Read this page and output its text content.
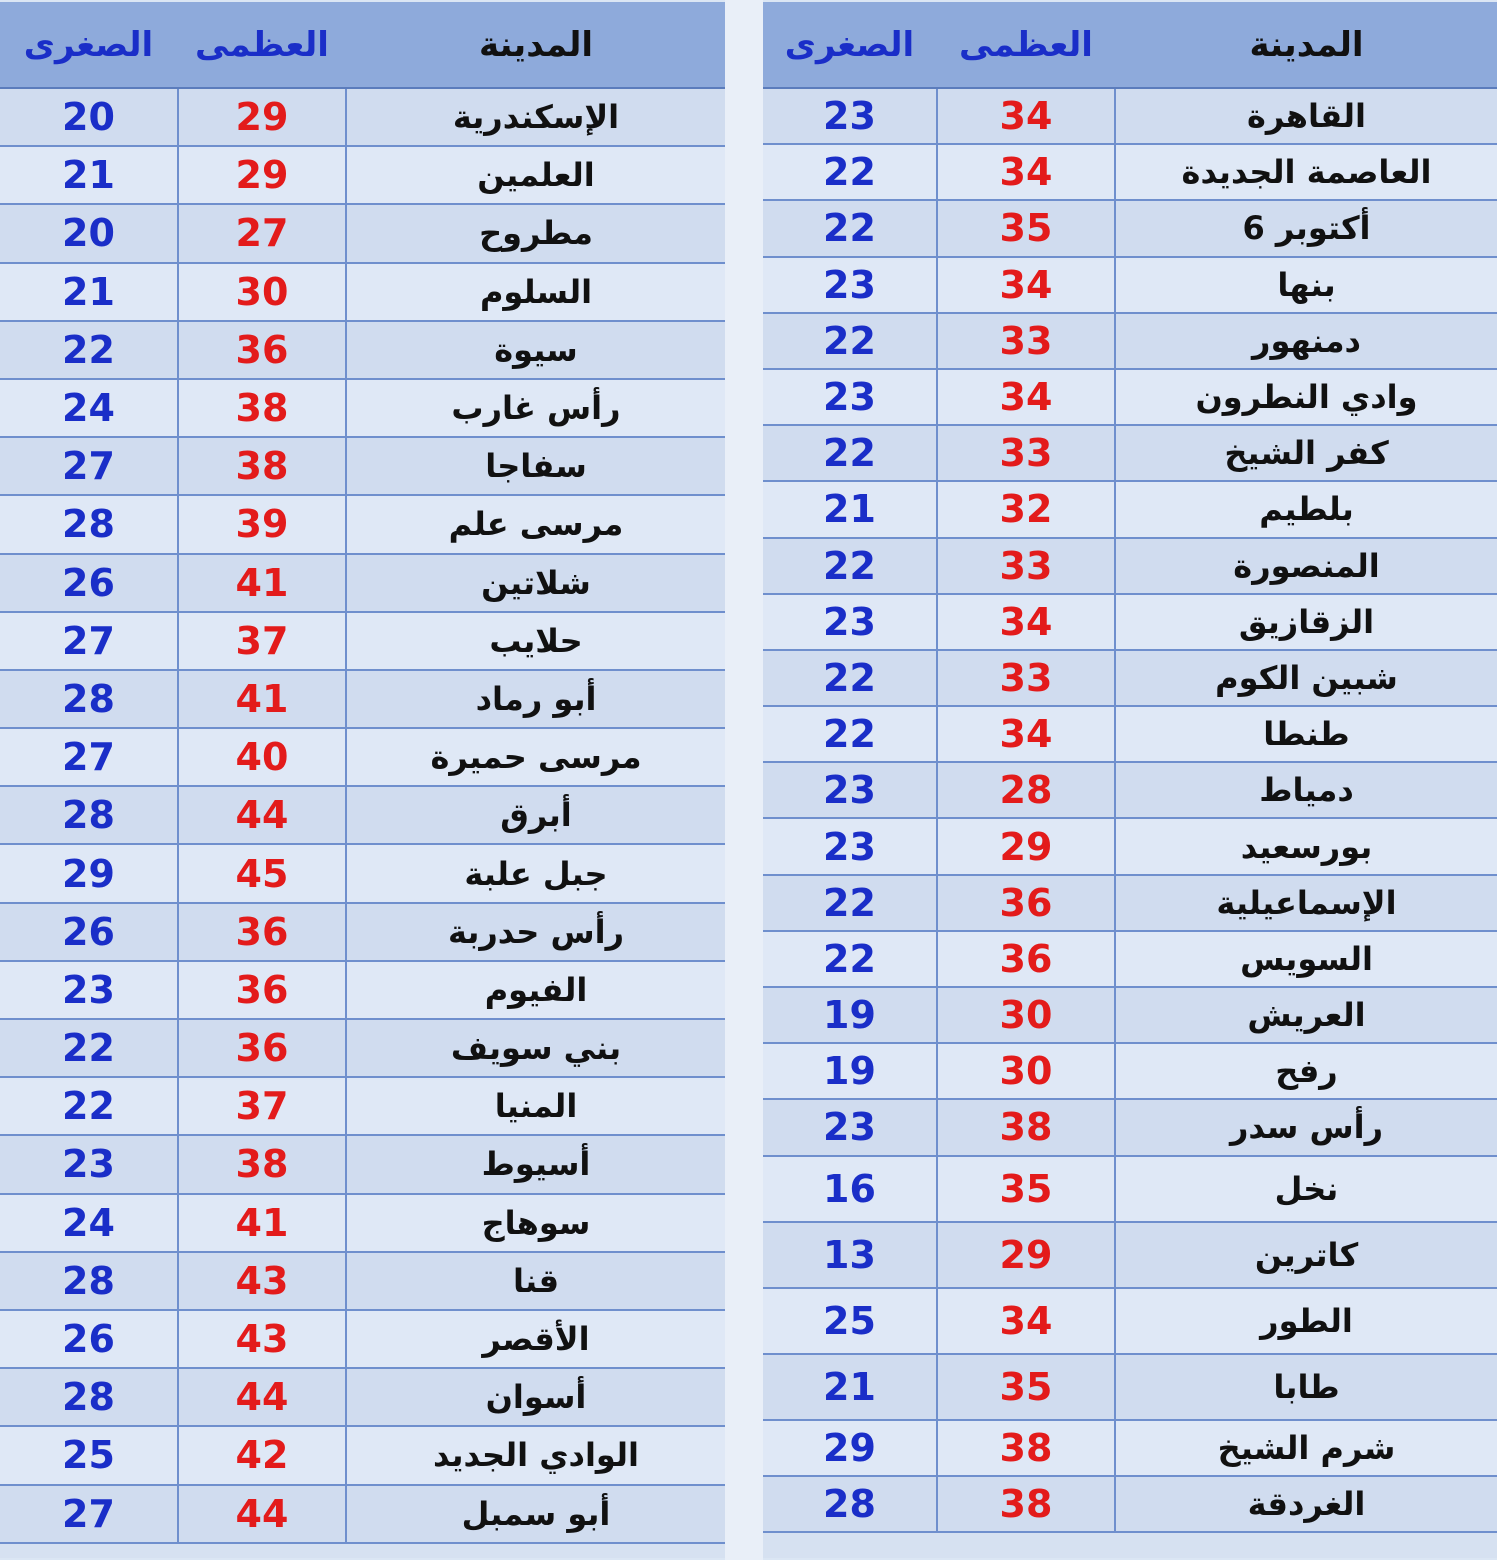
المدينة
العظمى
الصغرى
القاهرة
34
23
العاصمة الجديدة
34
22
6 أكتوبر
35
22
بنها
34
23
دمنهور
33
22
وادي النطرون
34
23
كفر الشيخ
33
22
بلطيم
32
21
المنصورة
33
22
الزقازيق
34
23
شبين الكوم
33
22
طنطا
34
22
دمياط
28
23
بورسعيد
29
23
الإسماعيلية
36
22
السويس
36
22
العريش
30
19
رفح
30
19
رأس سدر
38
23
نخل
35
16
كاترين
29
13
الطور
34
25
طابا
35
21
شرم الشيخ
38
29
الغردقة
38
28
المدينة
العظمى
الصغرى
الإسكندرية
29
20
العلمين
29
21
مطروح
27
20
السلوم
30
21
سيوة
36
22
رأس غارب
38
24
سفاجا
38
27
مرسى علم
39
28
شلاتين
41
26
حلايب
37
27
أبو رماد
41
28
مرسى حميرة
40
27
أبرق
44
28
جبل علبة
45
29
رأس حدربة
36
26
الفيوم
36
23
بني سويف
36
22
المنيا
37
22
أسيوط
38
23
سوهاج
41
24
قنا
43
28
الأقصر
43
26
أسوان
44
28
الوادي الجديد
42
25
أبو سمبل
44
27
